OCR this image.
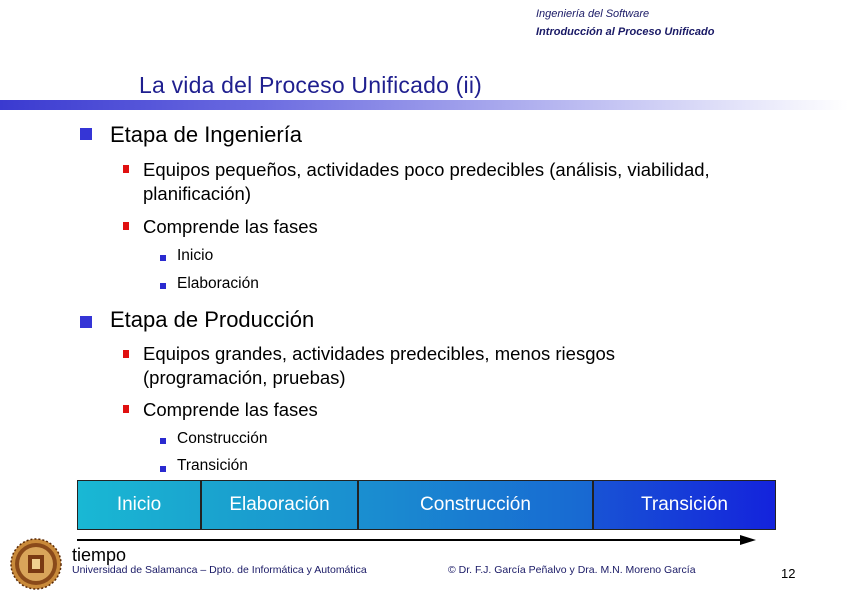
Ingeniería del Software
Introducción al Proceso Unificado
La vida del Proceso Unificado (ii)
Etapa de Ingeniería
Equipos pequeños, actividades poco predecibles (análisis, viabilidad,
planificación)
Comprende las fases
Inicio
Elaboración
Etapa de Producción
Equipos grandes, actividades predecibles, menos riesgos
(programación, pruebas)
Comprende las fases
Construcción
Transición
Inicio	Elaboración	Construcción	Transición
tiempo
Universidad de Salamanca – Dpto. de Informática y Automática	© Dr. F.J. García Peñalvo y Dra. M.N. Moreno García	12
